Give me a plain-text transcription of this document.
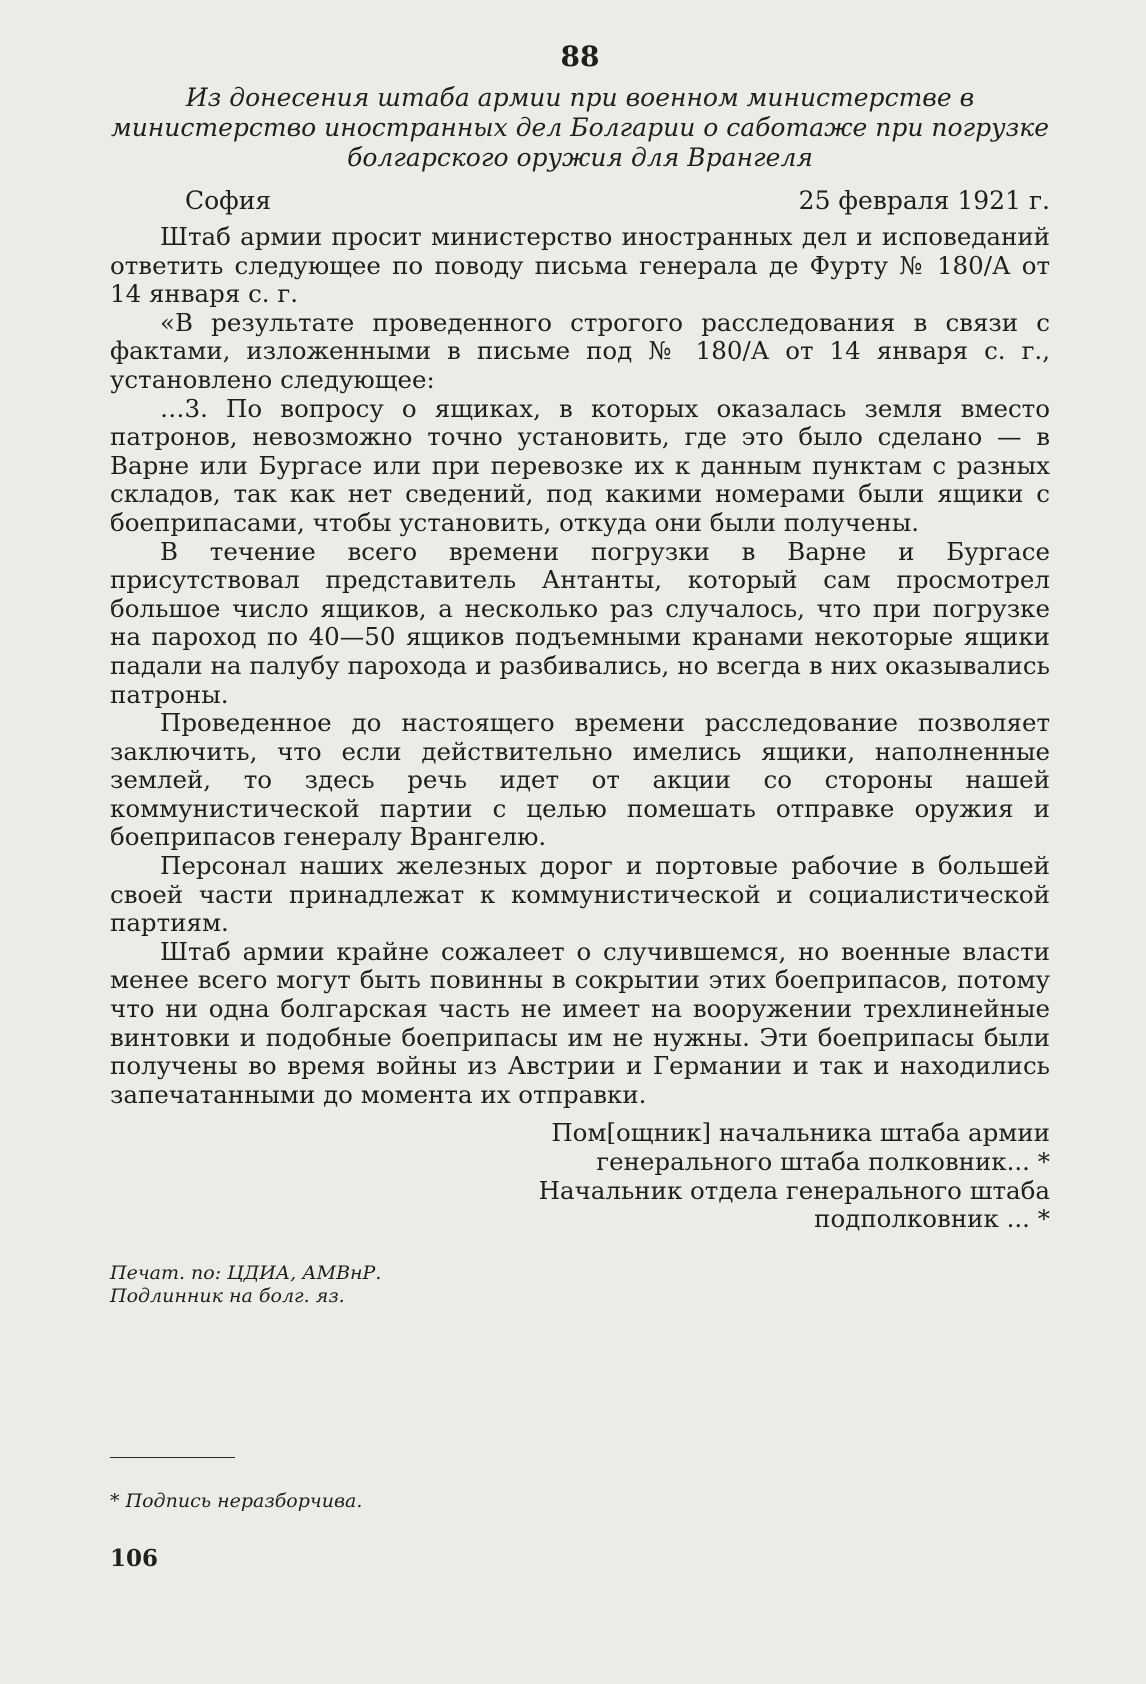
88
Из донесения штаба армии при военном министерстве в министерство иностранных дел Болгарии о саботаже при погрузке болгарского оружия для Врангеля
София	25 февраля 1921 г.

Штаб армии просит министерство иностранных дел и исповеданий ответить следующее по поводу письма генерала де Фурту № 180/А от 14 января с. г.

«В результате проведенного строгого расследования в связи с фактами, изложенными в письме под № 180/А от 14 января с. г., установлено следующее:

…3. По вопросу о ящиках, в которых оказалась земля вместо патронов, невозможно точно установить, где это было сделано — в Варне или Бургасе или при перевозке их к данным пунктам с разных складов, так как нет сведений, под какими номерами были ящики с боеприпасами, чтобы установить, откуда они были получены.

В течение всего времени погрузки в Варне и Бургасе присутствовал представитель Антанты, который сам просмотрел большое число ящиков, а несколько раз случалось, что при погрузке на пароход по 40—50 ящиков подъемными кранами некоторые ящики падали на палубу парохода и разбивались, но всегда в них оказывались патроны.

Проведенное до настоящего времени расследование позволяет заключить, что если действительно имелись ящики, наполненные землей, то здесь речь идет от акции со стороны нашей коммунистической партии с целью помешать отправке оружия и боеприпасов генералу Врангелю.

Персонал наших железных дорог и портовые рабочие в большей своей части принадлежат к коммунистической и социалистической партиям.

Штаб армии крайне сожалеет о случившемся, но военные власти менее всего могут быть повинны в сокрытии этих боеприпасов, потому что ни одна болгарская часть не имеет на вооружении трехлинейные винтовки и подобные боеприпасы им не нужны. Эти боеприпасы были получены во время войны из Австрии и Германии и так и находились запечатанными до момента их отправки.

Пом[ощник] начальника штаба армии
генерального штаба полковник... *
Начальник отдела генерального штаба
подполковник ... *
Печат. по: ЦДИА, АМВнР.
Подлинник на болг. яз.
* Подпись неразборчива.
106
